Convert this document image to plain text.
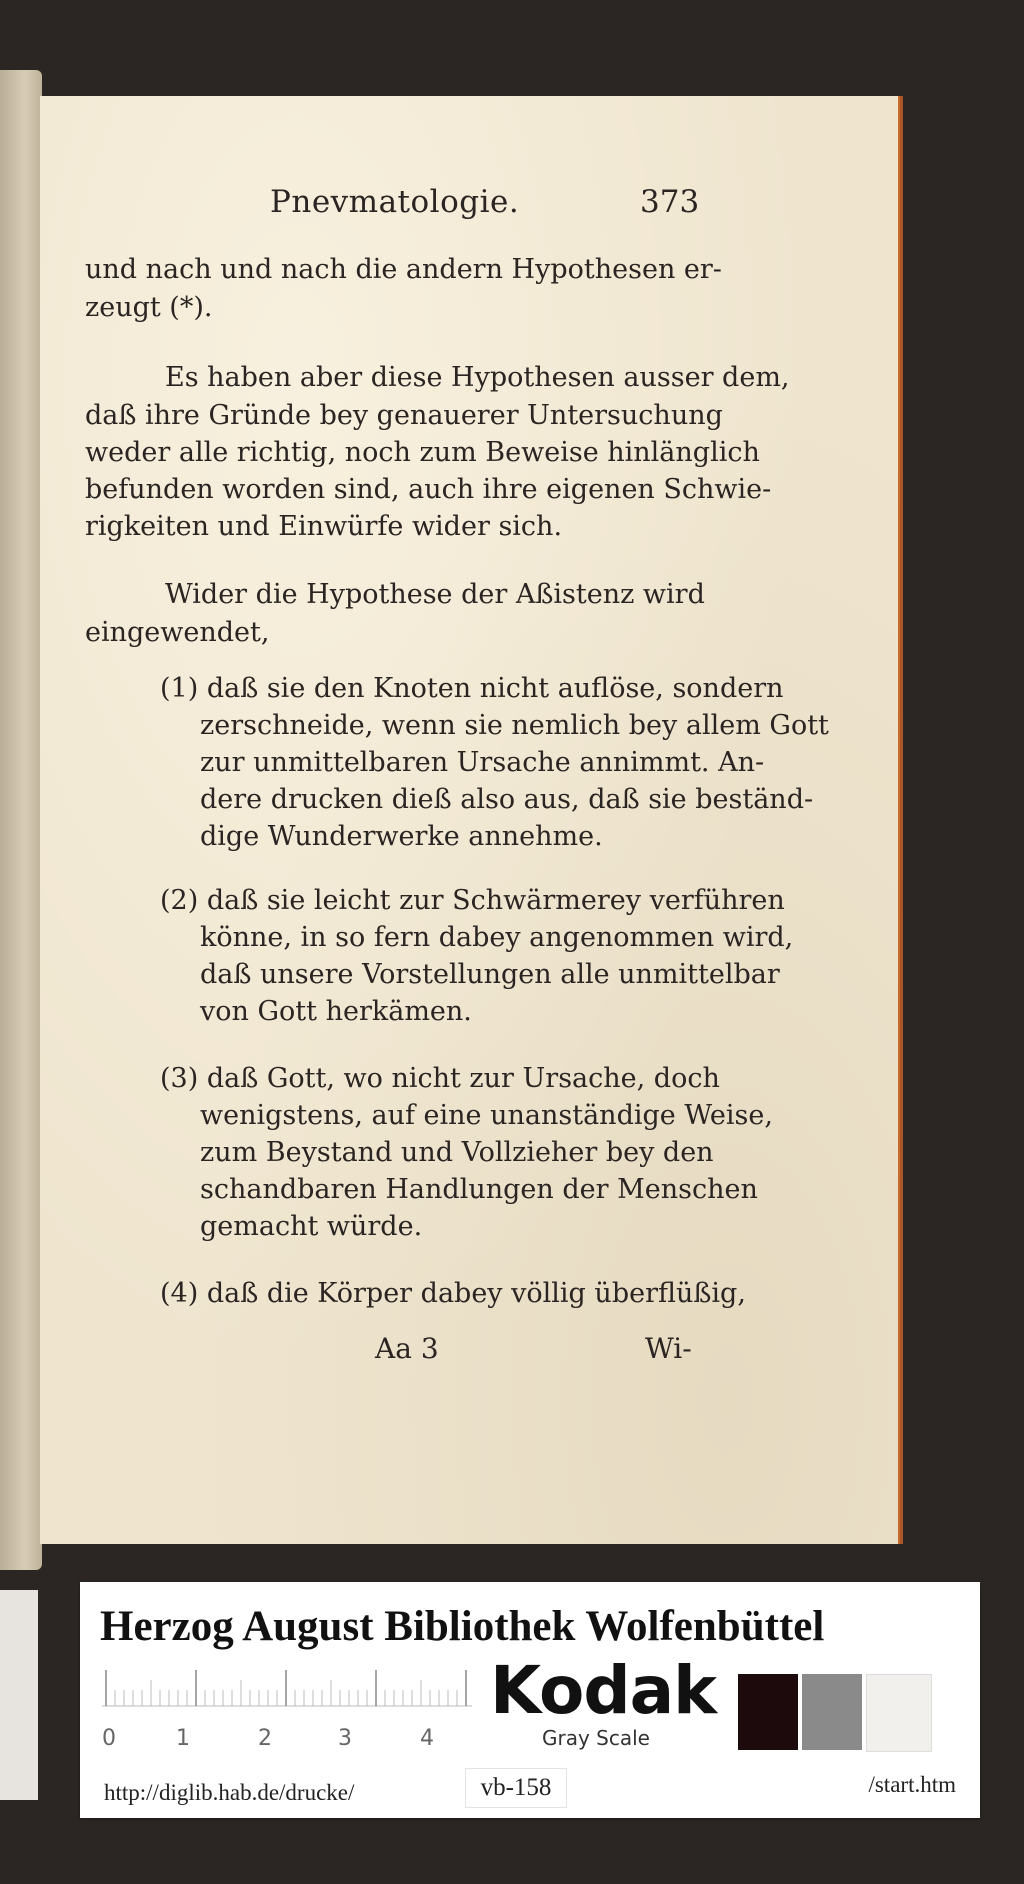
Pnevmatologie.	373
und nach und nach die andern Hypothesen er-
zeugt (*).
Es haben aber diese Hypothesen ausser dem,
daß ihre Gründe bey genauerer Untersuchung
weder alle richtig, noch zum Beweise hinlänglich
befunden worden sind, auch ihre eigenen Schwie-
rigkeiten und Einwürfe wider sich.
Wider die Hypothese der Aßistenz wird
eingewendet,
(1) daß sie den Knoten nicht auflöse, sondern
zerschneide, wenn sie nemlich bey allem Gott
zur unmittelbaren Ursache annimmt. An-
dere drucken dieß also aus, daß sie beständ-
dige Wunderwerke annehme.
(2) daß sie leicht zur Schwärmerey verführen
könne, in so fern dabey angenommen wird,
daß unsere Vorstellungen alle unmittelbar
von Gott herkämen.
(3) daß Gott, wo nicht zur Ursache, doch
wenigstens, auf eine unanständige Weise,
zum Beystand und Vollzieher bey den
schandbaren Handlungen der Menschen
gemacht würde.
(4) daß die Körper dabey völlig überflüßig,
Aa 3	Wi-
Herzog August Bibliothek Wolfenbüttel
0	1	2	3	4
Kodak
Gray Scale
http://diglib.hab.de/drucke/	vb-158	/start.htm
